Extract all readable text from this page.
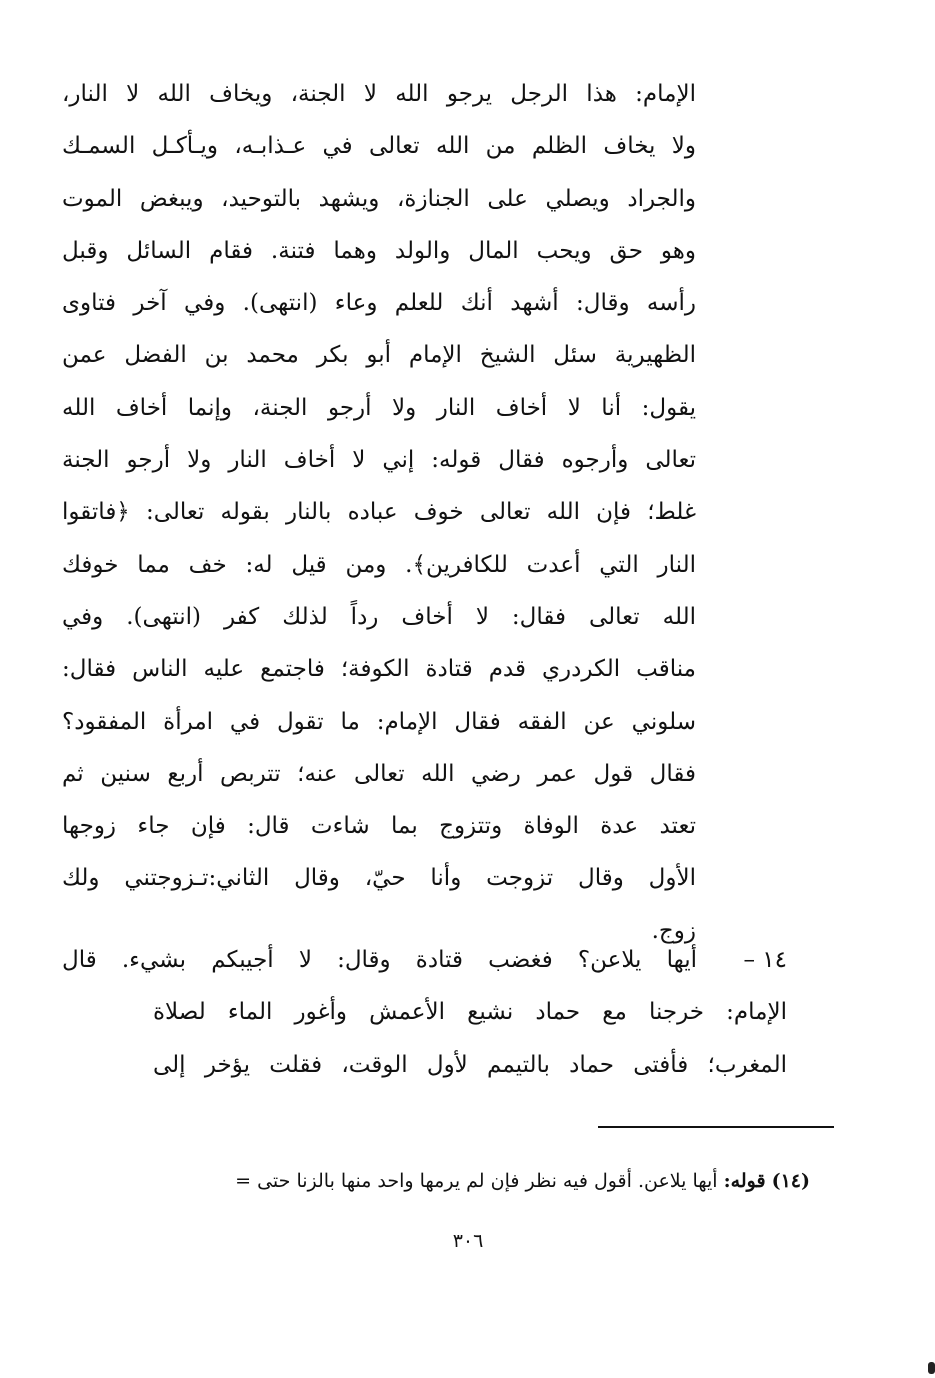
الإمام: هذا الرجل يرجو الله لا الجنة، ويخاف الله لا النار،
ولا يخاف الظلم من الله تعالى في عـذابـه، ويـأكـل السمـك
والجراد ويصلي على الجنازة، ويشهد بالتوحيد، ويبغض الموت
وهو حق ويحب المال والولد وهما فتنة. فقام السائل وقبل
رأسه وقال: أشهد أنك للعلم وعاء (انتهى). وفي آخر فتاوى
الظهيرية سئل الشيخ الإمام أبو بكر محمد بن الفضل عمن
يقول: أنا لا أخاف النار ولا أرجو الجنة، وإنما أخاف الله
تعالى وأرجوه فقال قوله: إني لا أخاف النار ولا أرجو الجنة
غلط؛ فإن الله تعالى خوف عباده بالنار بقوله تعالى: ﴿فاتقوا
النار التي أعدت للكافرين﴾. ومن قيل له: خف مما خوفك
الله تعالى فقال: لا أخاف رداً لذلك كفر (انتهى). وفي
مناقب الكردري قدم قتادة الكوفة؛ فاجتمع عليه الناس فقال:
سلوني عن الفقه فقال الإمام: ما تقول في امرأة المفقود؟
فقال قول عمر رضي الله تعالى عنه؛ تتربص أربع سنين ثم
تعتد عدة الوفاة وتتزوج بما شاءت قال: فإن جاء زوجها
الأول وقال تزوجت وأنا حيّ، وقال الثاني:تـزوجتني ولك
زوج.
١٤ –
أيها يلاعن؟ فغضب قتادة وقال: لا أجيبكم بشيء. قال
الإمام: خرجنا مع حماد نشيع الأعمش وأغور الماء لصلاة
المغرب؛ فأفتى حماد بالتيمم لأول الوقت، فقلت يؤخر إلى
(١٤) قوله: أيها يلاعن. أقول فيه نظر فإن لم يرمها واحد منها بالزنا حتى =
٣٠٦
